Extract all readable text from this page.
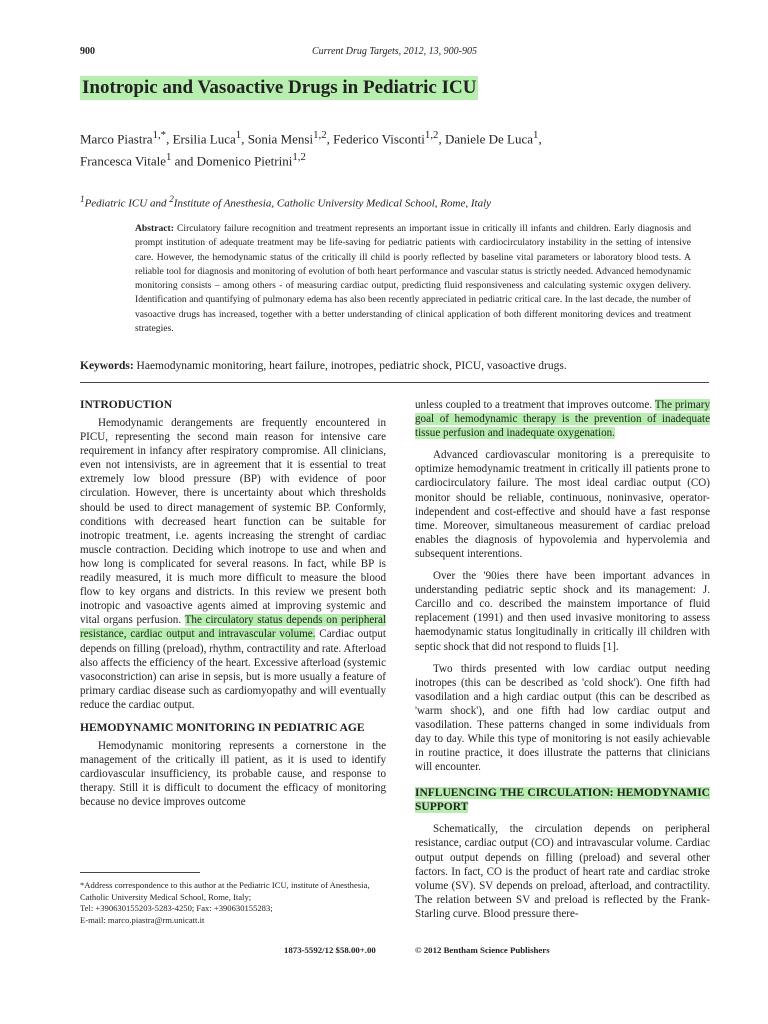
900	Current Drug Targets, 2012, 13, 900-905
Inotropic and Vasoactive Drugs in Pediatric ICU
Marco Piastra$^{1,*}$, Ersilia Luca$^1$, Sonia Mensi$^{1,2}$, Federico Visconti$^{1,2}$, Daniele De Luca$^1$,
Francesca Vitale$^1$ and Domenico Pietrini$^{1,2}$
$^1$Pediatric ICU and $^2$Institute of Anesthesia, Catholic University Medical School, Rome, Italy
Abstract: Circulatory failure recognition and treatment represents an important issue in critically ill infants and children. Early diagnosis and prompt institution of adequate treatment may be life-saving for pediatric patients with cardiocirculatory instability in the setting of intensive care. However, the hemodynamic status of the critically ill child is poorly reflected by baseline vital parameters or laboratory blood tests. A reliable tool for diagnosis and monitoring of evolution of both heart performance and vascular status is strictly needed. Advanced hemodynamic monitoring consists – among others - of measuring cardiac output, predicting fluid responsiveness and calculating systemic oxygen delivery. Identification and quantifying of pulmonary edema has also been recently appreciated in pediatric critical care. In the last decade, the number of vasoactive drugs has increased, together with a better understanding of clinical application of both different monitoring devices and treatment strategies.
Keywords: Haemodynamic monitoring, heart failure, inotropes, pediatric shock, PICU, vasoactive drugs.
INTRODUCTION

Hemodynamic derangements are frequently encountered in PICU, representing the second main reason for intensive care requirement in infancy after respiratory compromise. All clinicians, even not intensivists, are in agreement that it is essential to treat extremely low blood pressure (BP) with evidence of poor circulation. However, there is uncertainty about which thresholds should be used to direct management of systemic BP. Conformly, conditions with decreased heart function can be suitable for inotropic treatment, i.e. agents increasing the strenght of cardiac muscle contraction. Deciding which inotrope to use and when and how long is complicated for several reasons. In fact, while BP is readily measured, it is much more difficult to measure the blood flow to key organs and districts. In this review we present both inotropic and vasoactive agents aimed at improving systemic and vital organs perfusion. The circulatory status depends on peripheral resistance, cardiac output and intravascular volume. Cardiac output depends on filling (preload), rhythm, contractility and rate. Afterload also affects the efficiency of the heart. Excessive afterload (systemic vasoconstriction) can arise in sepsis, but is more usually a feature of primary cardiac disease such as cardiomyopathy and will eventually reduce the cardiac output.

HEMODYNAMIC MONITORING IN PEDIATRIC AGE

Hemodynamic monitoring represents a cornerstone in the management of the critically ill patient, as it is used to identify cardiovascular insufficiency, its probable cause, and response to therapy. Still it is difficult to document the efficacy of monitoring because no device improves outcome

unless coupled to a treatment that improves outcome. The primary goal of hemodynamic therapy is the prevention of inadequate tissue perfusion and inadequate oxygenation.

Advanced cardiovascular monitoring is a prerequisite to optimize hemodynamic treatment in critically ill patients prone to cardiocirculatory failure. The most ideal cardiac output (CO) monitor should be reliable, continuous, noninvasive, operator-independent and cost-effective and should have a fast response time. Moreover, simultaneous measurement of cardiac preload enables the diagnosis of hypovolemia and hypervolemia and subsequent interentions.

Over the '90ies there have been important advances in understanding pediatric septic shock and its management: J. Carcillo and co. described the mainstem importance of fluid replacement (1991) and then used invasive monitoring to assess haemodynamic status longitudinally in critically ill children with septic shock that did not respond to fluids [1].

Two thirds presented with low cardiac output needing inotropes (this can be described as 'cold shock'). One fifth had vasodilation and a high cardiac output (this can be described as 'warm shock'), and one fifth had low cardiac output and vasodilation. These patterns changed in some individuals from day to day. While this type of monitoring is not easily achievable in routine practice, it does illustrate the patterns that clinicians will encounter.

INFLUENCING THE CIRCULATION: HEMODYNAMIC SUPPORT

Schematically, the circulation depends on peripheral resistance, cardiac output (CO) and intravascular volume. Cardiac output output depends on filling (preload) and several other factors. In fact, CO is the product of heart rate and cardiac stroke volume (SV). SV depends on preload, afterload, and contractility. The relation between SV and preload is reflected by the Frank-Starling curve. Blood pressure there-

*Address correspondence to this author at the Pediatric ICU, institute of Anesthesia, Catholic University Medical School, Rome, Italy;
Tel: +390630155203-5283-4250; Fax: +390630155283;
E-mail: marco.piastra@rm.unicatt.it
1873-5592/12 $58.00+.00	© 2012 Bentham Science Publishers
